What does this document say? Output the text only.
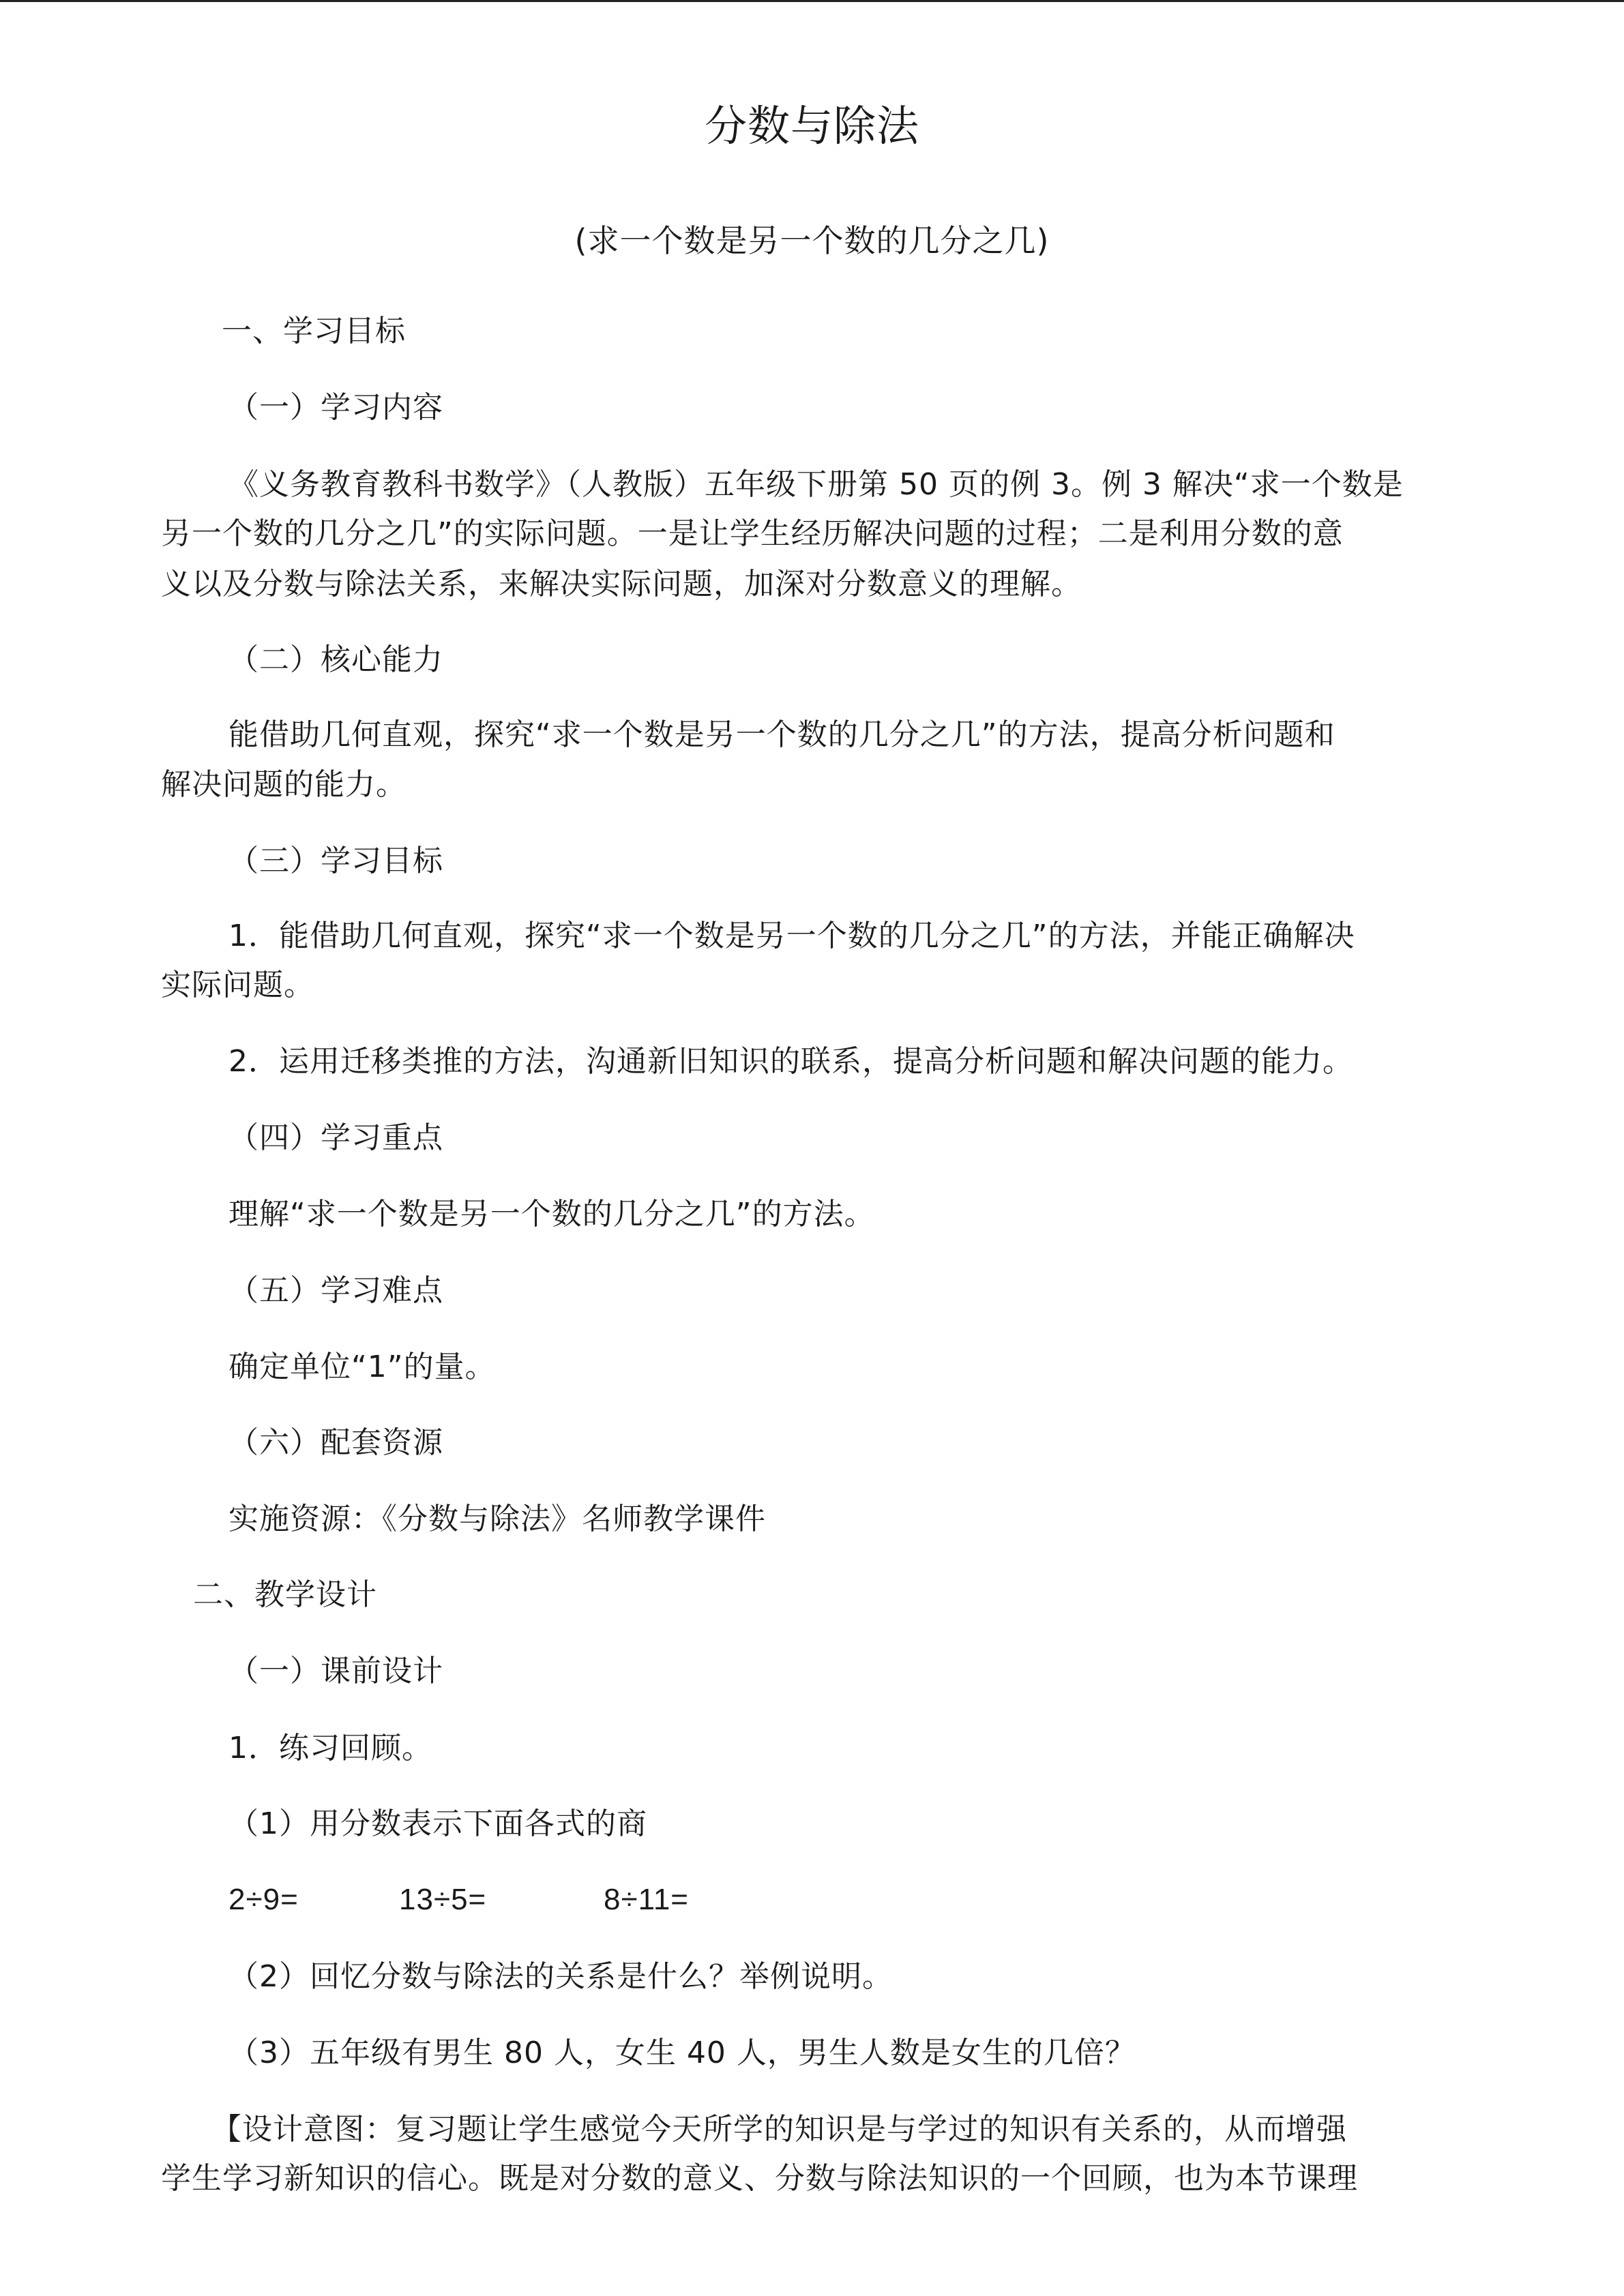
分数与除法
(求一个数是另一个数的几分之几)
一、学习目标
（一）学习内容
《义务教育教科书数学》（人教版）五年级下册第 50 页的例 3。例 3 解决“求一个数是
另一个数的几分之几”的实际问题。一是让学生经历解决问题的过程；二是利用分数的意
义以及分数与除法关系，来解决实际问题，加深对分数意义的理解。
（二）核心能力
能借助几何直观，探究“求一个数是另一个数的几分之几”的方法，提高分析问题和
解决问题的能力。
（三）学习目标
1．能借助几何直观，探究“求一个数是另一个数的几分之几”的方法，并能正确解决
实际问题。
2．运用迁移类推的方法，沟通新旧知识的联系，提高分析问题和解决问题的能力。
（四）学习重点
理解“求一个数是另一个数的几分之几”的方法。
（五）学习难点
确定单位“1”的量。
（六）配套资源
实施资源：《分数与除法》名师教学课件
二、教学设计
（一）课前设计
1．练习回顾。
（1）用分数表示下面各式的商
2÷9=	13÷5=	8÷11=
（2）回忆分数与除法的关系是什么？举例说明。
（3）五年级有男生 80 人，女生 40 人，男生人数是女生的几倍？
【设计意图：复习题让学生感觉今天所学的知识是与学过的知识有关系的，从而增强
学生学习新知识的信心。既是对分数的意义、分数与除法知识的一个回顾，也为本节课理
